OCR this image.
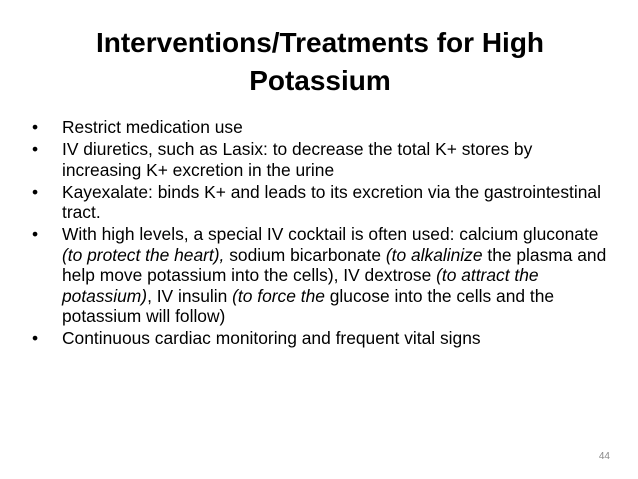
Interventions/Treatments for High
Potassium
•	Restrict medication use
•	IV diuretics, such as Lasix: to decrease the total K+ stores by increasing K+ excretion in the urine
•	Kayexalate: binds K+ and leads to its excretion via the gastrointestinal tract.
•	With high levels, a special IV cocktail is often used: calcium gluconate (to protect the heart), sodium bicarbonate (to alkalinize the plasma and help move potassium into the cells), IV dextrose (to attract the potassium), IV insulin (to force the glucose into the cells and the potassium will follow)
•	Continuous cardiac monitoring and frequent vital signs
44
